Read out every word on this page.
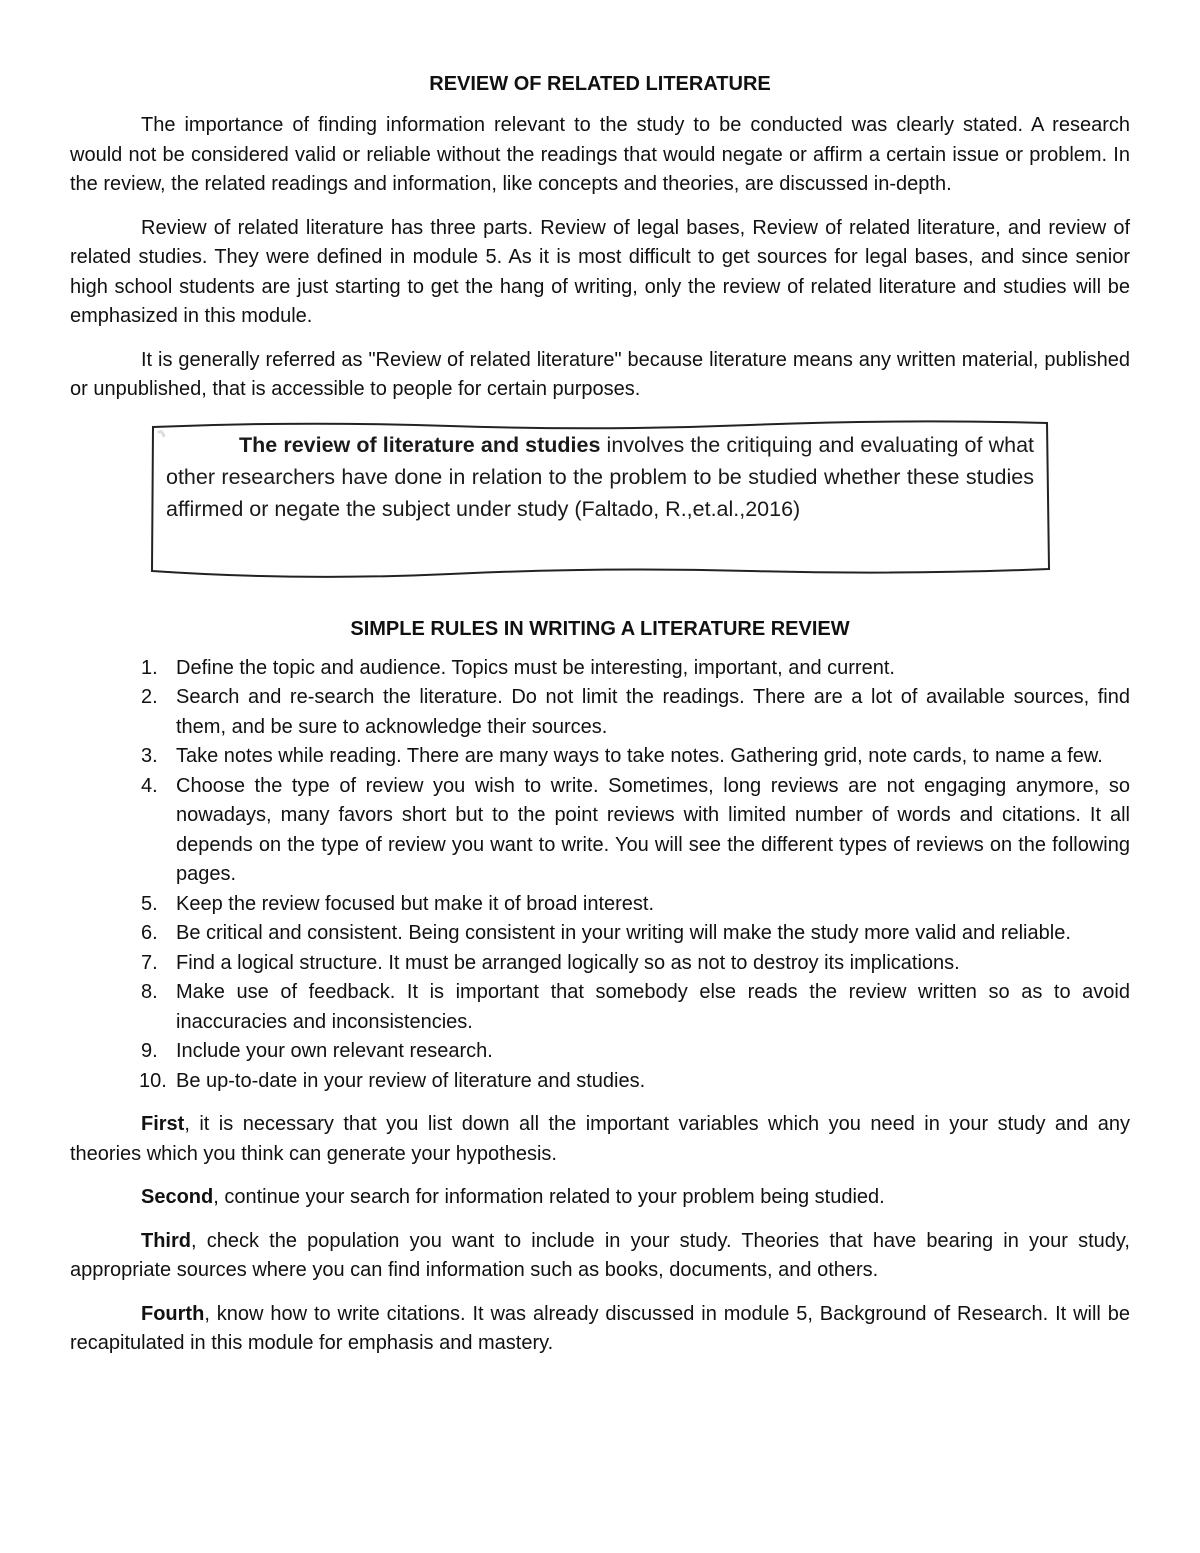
REVIEW OF RELATED LITERATURE

The importance of finding information relevant to the study to be conducted was clearly stated. A research would not be considered valid or reliable without the readings that would negate or affirm a certain issue or problem. In the review, the related readings and information, like concepts and theories, are discussed in-depth.

Review of related literature has three parts. Review of legal bases, Review of related literature, and review of related studies. They were defined in module 5. As it is most difficult to get sources for legal bases, and since senior high school students are just starting to get the hang of writing, only the review of related literature and studies will be emphasized in this module.

It is generally referred as "Review of related literature" because literature means any written material, published or unpublished, that is accessible to people for certain purposes.

The review of literature and studies involves the critiquing and evaluating of what other researchers have done in relation to the problem to be studied whether these studies affirmed or negate the subject under study (Faltado, R.,et.al.,2016)
SIMPLE RULES IN WRITING A LITERATURE REVIEW
1. Define the topic and audience. Topics must be interesting, important, and current.
2. Search and re-search the literature. Do not limit the readings. There are a lot of available sources, find them, and be sure to acknowledge their sources.
3. Take notes while reading. There are many ways to take notes. Gathering grid, note cards, to name a few.
4. Choose the type of review you wish to write. Sometimes, long reviews are not engaging anymore, so nowadays, many favors short but to the point reviews with limited number of words and citations. It all depends on the type of review you want to write. You will see the different types of reviews on the following pages.
5. Keep the review focused but make it of broad interest.
6. Be critical and consistent. Being consistent in your writing will make the study more valid and reliable.
7. Find a logical structure. It must be arranged logically so as not to destroy its implications.
8. Make use of feedback. It is important that somebody else reads the review written so as to avoid inaccuracies and inconsistencies.
9. Include your own relevant research.
10. Be up-to-date in your review of literature and studies.

First, it is necessary that you list down all the important variables which you need in your study and any theories which you think can generate your hypothesis.

Second, continue your search for information related to your problem being studied.

Third, check the population you want to include in your study. Theories that have bearing in your study, appropriate sources where you can find information such as books, documents, and others.

Fourth, know how to write citations. It was already discussed in module 5, Background of Research. It will be recapitulated in this module for emphasis and mastery.
